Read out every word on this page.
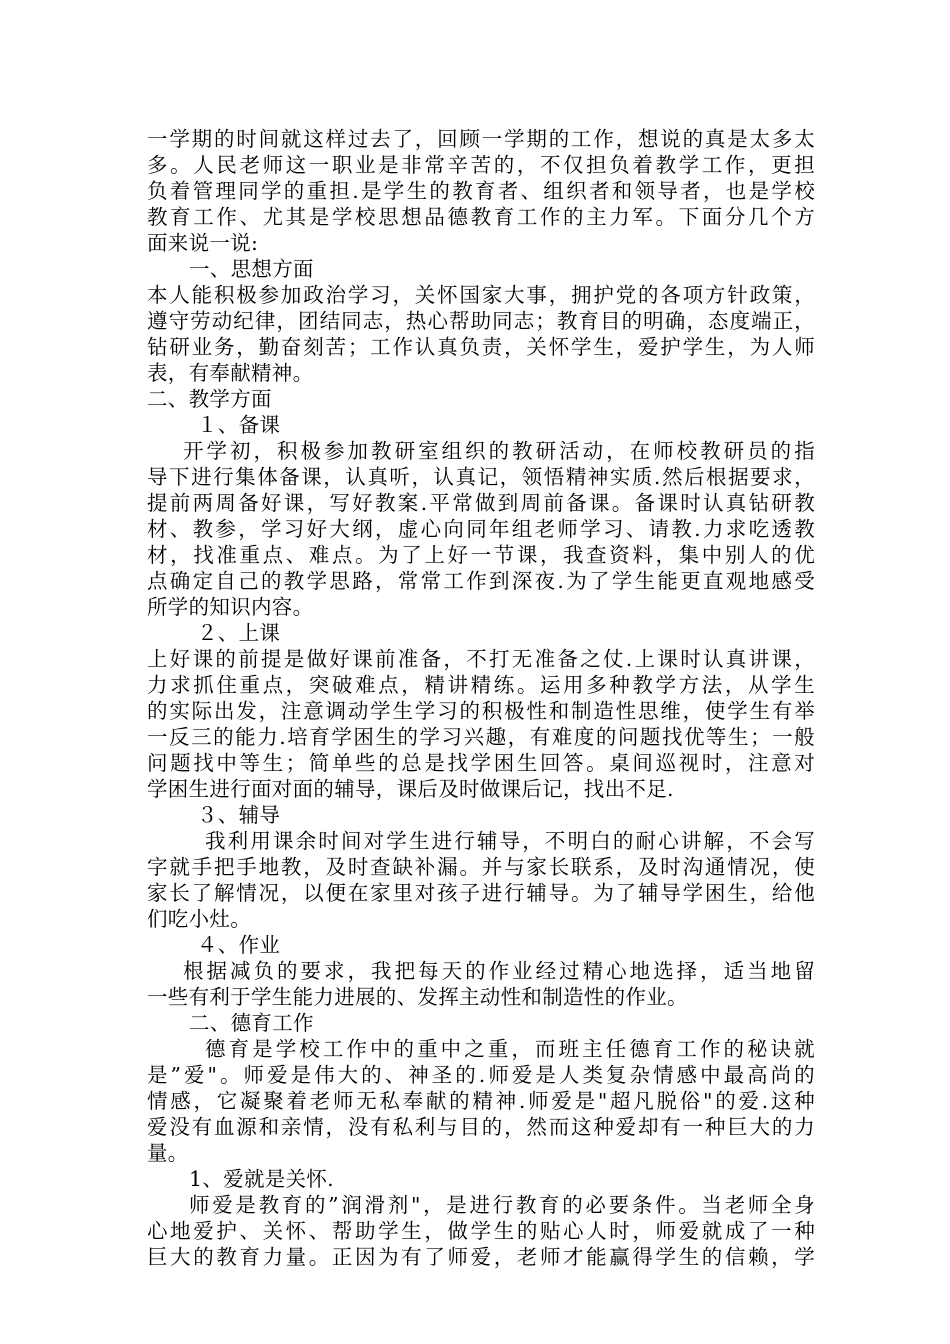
一学期的时间就这样过去了，回顾一学期的工作，想说的真是太多太
多。人民老师这一职业是非常辛苦的，不仅担负着教学工作，更担
负着管理同学的重担.是学生的教育者、组织者和领导者，也是学校
教育工作、尤其是学校思想品德教育工作的主力军。下面分几个方
面来说一说:
一、思想方面
本人能积极参加政治学习，关怀国家大事，拥护党的各项方针政策，
遵守劳动纪律，团结同志，热心帮助同志；教育目的明确，态度端正，
钻研业务，勤奋刻苦；工作认真负责，关怀学生，爱护学生，为人师
表，有奉献精神。
二、教学方面
１、备课
开学初，积极参加教研室组织的教研活动，在师校教研员的指
导下进行集体备课，认真听，认真记，领悟精神实质.然后根据要求，
提前两周备好课，写好教案.平常做到周前备课。备课时认真钻研教
材、教参，学习好大纲，虚心向同年组老师学习、请教.力求吃透教
材，找准重点、难点。为了上好一节课，我查资料，集中别人的优
点确定自己的教学思路，常常工作到深夜.为了学生能更直观地感受
所学的知识内容。
２、上课
上好课的前提是做好课前准备，不打无准备之仗.上课时认真讲课，
力求抓住重点，突破难点，精讲精练。运用多种教学方法，从学生
的实际出发，注意调动学生学习的积极性和制造性思维，使学生有举
一反三的能力.培育学困生的学习兴趣，有难度的问题找优等生；一般
问题找中等生；简单些的总是找学困生回答。桌间巡视时，注意对
学困生进行面对面的辅导，课后及时做课后记，找出不足.
３、辅导
我利用课余时间对学生进行辅导，不明白的耐心讲解，不会写
字就手把手地教，及时查缺补漏。并与家长联系，及时沟通情况，使
家长了解情况，以便在家里对孩子进行辅导。为了辅导学困生，给他
们吃小灶。
４、作业
根据减负的要求，我把每天的作业经过精心地选择，适当地留
一些有利于学生能力进展的、发挥主动性和制造性的作业。
二、德育工作
德育是学校工作中的重中之重，而班主任德育工作的秘诀就
是”爱"。师爱是伟大的、神圣的.师爱是人类复杂情感中最高尚的
情感，它凝聚着老师无私奉献的精神.师爱是"超凡脱俗"的爱.这种
爱没有血源和亲情，没有私利与目的，然而这种爱却有一种巨大的力
量。
1、爱就是关怀.
师爱是教育的”润滑剂"，是进行教育的必要条件。当老师全身
心地爱护、关怀、帮助学生，做学生的贴心人时，师爱就成了一种
巨大的教育力量。正因为有了师爱，老师才能赢得学生的信赖，学
